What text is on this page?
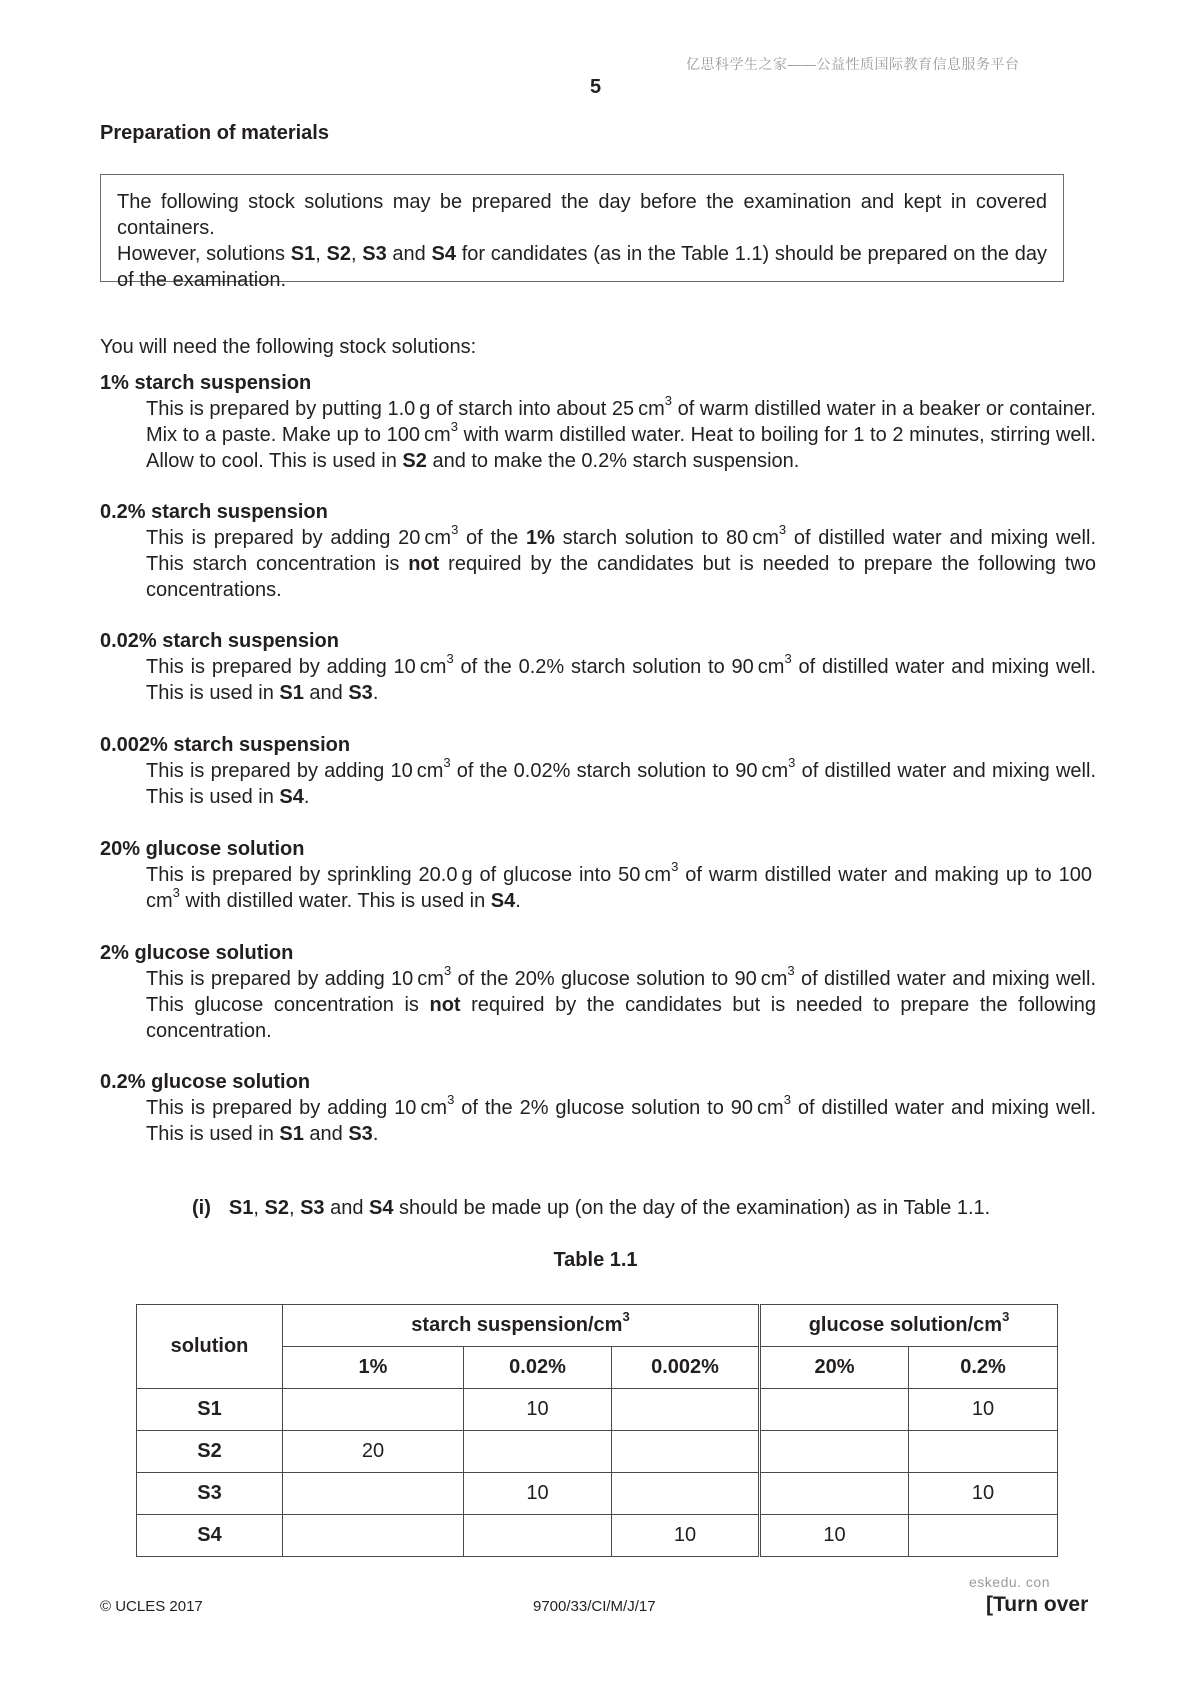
亿思科学生之家——公益性质国际教育信息服务平台
5
Preparation of materials

The following stock solutions may be prepared the day before the examination and kept in covered containers.

However, solutions S1, S2, S3 and S4 for candidates (as in the Table 1.1) should be prepared on the day of the examination.

You will need the following stock solutions:
1% starch suspension
This is prepared by putting 1.0 g of starch into about 25 $cm^3$ of warm distilled water in a beaker or container. Mix to a paste. Make up to 100 $cm^3$ with warm distilled water. Heat to boiling for 1 to 2 minutes, stirring well. Allow to cool. This is used in S2 and to make the 0.2% starch suspension.
0.2% starch suspension
This is prepared by adding 20 $cm^3$ of the 1% starch solution to 80 $cm^3$ of distilled water and mixing well. This starch concentration is not required by the candidates but is needed to prepare the following two concentrations.
0.02% starch suspension
This is prepared by adding 10 $cm^3$ of the 0.2% starch solution to 90 $cm^3$ of distilled water and mixing well. This is used in S1 and S3.
0.002% starch suspension
This is prepared by adding 10 $cm^3$ of the 0.02% starch solution to 90 $cm^3$ of distilled water and mixing well. This is used in S4.
20% glucose solution
This is prepared by sprinkling 20.0 g of glucose into 50 $cm^3$ of warm distilled water and making up to 100 $cm^3$ with distilled water. This is used in S4.
2% glucose solution
This is prepared by adding 10 $cm^3$ of the 20% glucose solution to 90 $cm^3$ of distilled water and mixing well. This glucose concentration is not required by the candidates but is needed to prepare the following concentration.
0.2% glucose solution
This is prepared by adding 10 $cm^3$ of the 2% glucose solution to 90 $cm^3$ of distilled water and mixing well. This is used in S1 and S3.
(i) S1, S2, S3 and S4 should be made up (on the day of the examination) as in Table 1.1.
Table 1.1
solution	starch suspension/$cm^3$			glucose solution/$cm^3$
	1%	0.02%	0.002%	20%	0.2%
S1		10			10
S2	20				
S3		10			10
S4			10	10	
eskedu. con
© UCLES 2017	9700/33/CI/M/J/17	[Turn over
